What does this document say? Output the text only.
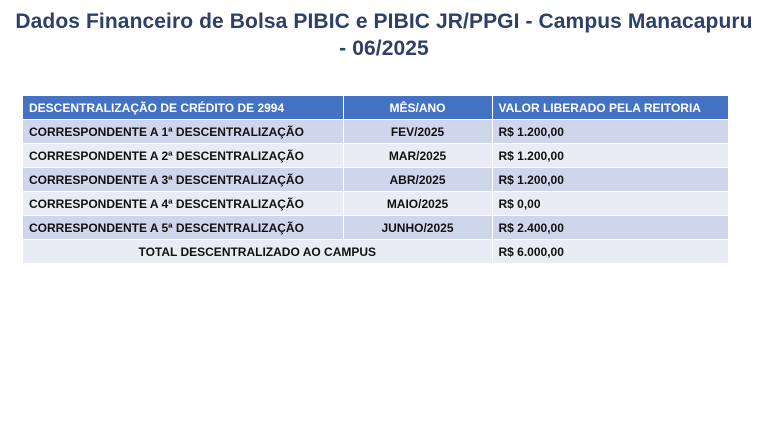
Dados Financeiro de Bolsa PIBIC e PIBIC JR/PPGI - Campus Manacapuru
- 06/2025
DESCENTRALIZAÇÃO DE CRÉDITO DE 2994	MÊS/ANO	VALOR LIBERADO PELA REITORIA
CORRESPONDENTE A 1ª DESCENTRALIZAÇÃO	FEV/2025	R$ 1.200,00
CORRESPONDENTE A 2ª DESCENTRALIZAÇÃO	MAR/2025	R$ 1.200,00
CORRESPONDENTE A 3ª DESCENTRALIZAÇÃO	ABR/2025	R$ 1.200,00
CORRESPONDENTE A 4ª DESCENTRALIZAÇÃO	MAIO/2025	R$ 0,00
CORRESPONDENTE A 5ª DESCENTRALIZAÇÃO	JUNHO/2025	R$ 2.400,00
TOTAL DESCENTRALIZADO AO CAMPUS		R$ 6.000,00
